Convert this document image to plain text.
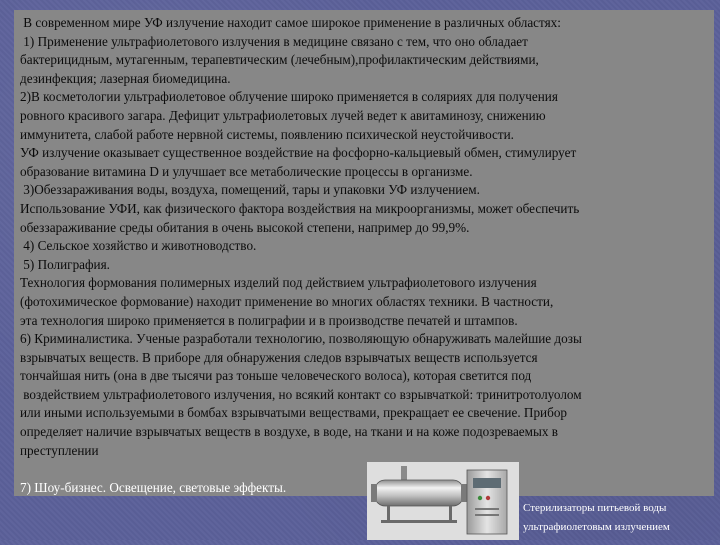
В современном мире УФ излучение находит самое широкое применение в различных областях:
1) Применение ультрафиолетового излучения в медицине связано с тем, что оно обладает
бактерицидным, мутагенным, терапевтическим (лечебным),профилактическим действиями,
дезинфекция; лазерная биомедицина.
2)В косметологии ультрафиолетовое облучение широко применяется в соляриях для получения
ровного красивого загара. Дефицит ультрафиолетовых лучей ведет к авитаминозу, снижению
иммунитета, слабой работе нервной системы, появлению психической неустойчивости.
УФ излучение оказывает существенное воздействие на фосфорно-кальциевый обмен, стимулирует
образование витамина D и улучшает все метаболические процессы в организме.
3)Обеззараживания воды, воздуха, помещений, тары и упаковки УФ излучением.
Использование УФИ, как физического фактора воздействия на микроорганизмы, может обеспечить
обеззараживание среды обитания в очень высокой степени, например до 99,9%.
4) Сельское хозяйство и животноводство.
5) Полиграфия.
Технология формования полимерных изделий под действием ультрафиолетового излучения
(фотохимическое формование) находит применение во многих областях техники. В частности,
эта технология широко применяется в полиграфии и в производстве печатей и штампов.
6) Криминалистика. Ученые разработали технологию, позволяющую обнаруживать малейшие дозы
взрывчатых веществ. В приборе для обнаружения следов взрывчатых веществ используется
тончайшая нить (она в две тысячи раз тоньше человеческого волоса), которая светится под
воздействием ультрафиолетового излучения, но всякий контакт со взрывчаткой: тринитротолуолом
или иными используемыми в бомбах взрывчатыми веществами, прекращает ее свечение. Прибор
определяет наличие взрывчатых веществ в воздухе, в воде, на ткани и на коже подозреваемых в
преступлении
7) Шоу-бизнес. Освещение, световые эффекты.
Стерилизаторы питьевой воды ультрафиолетовым излучением
